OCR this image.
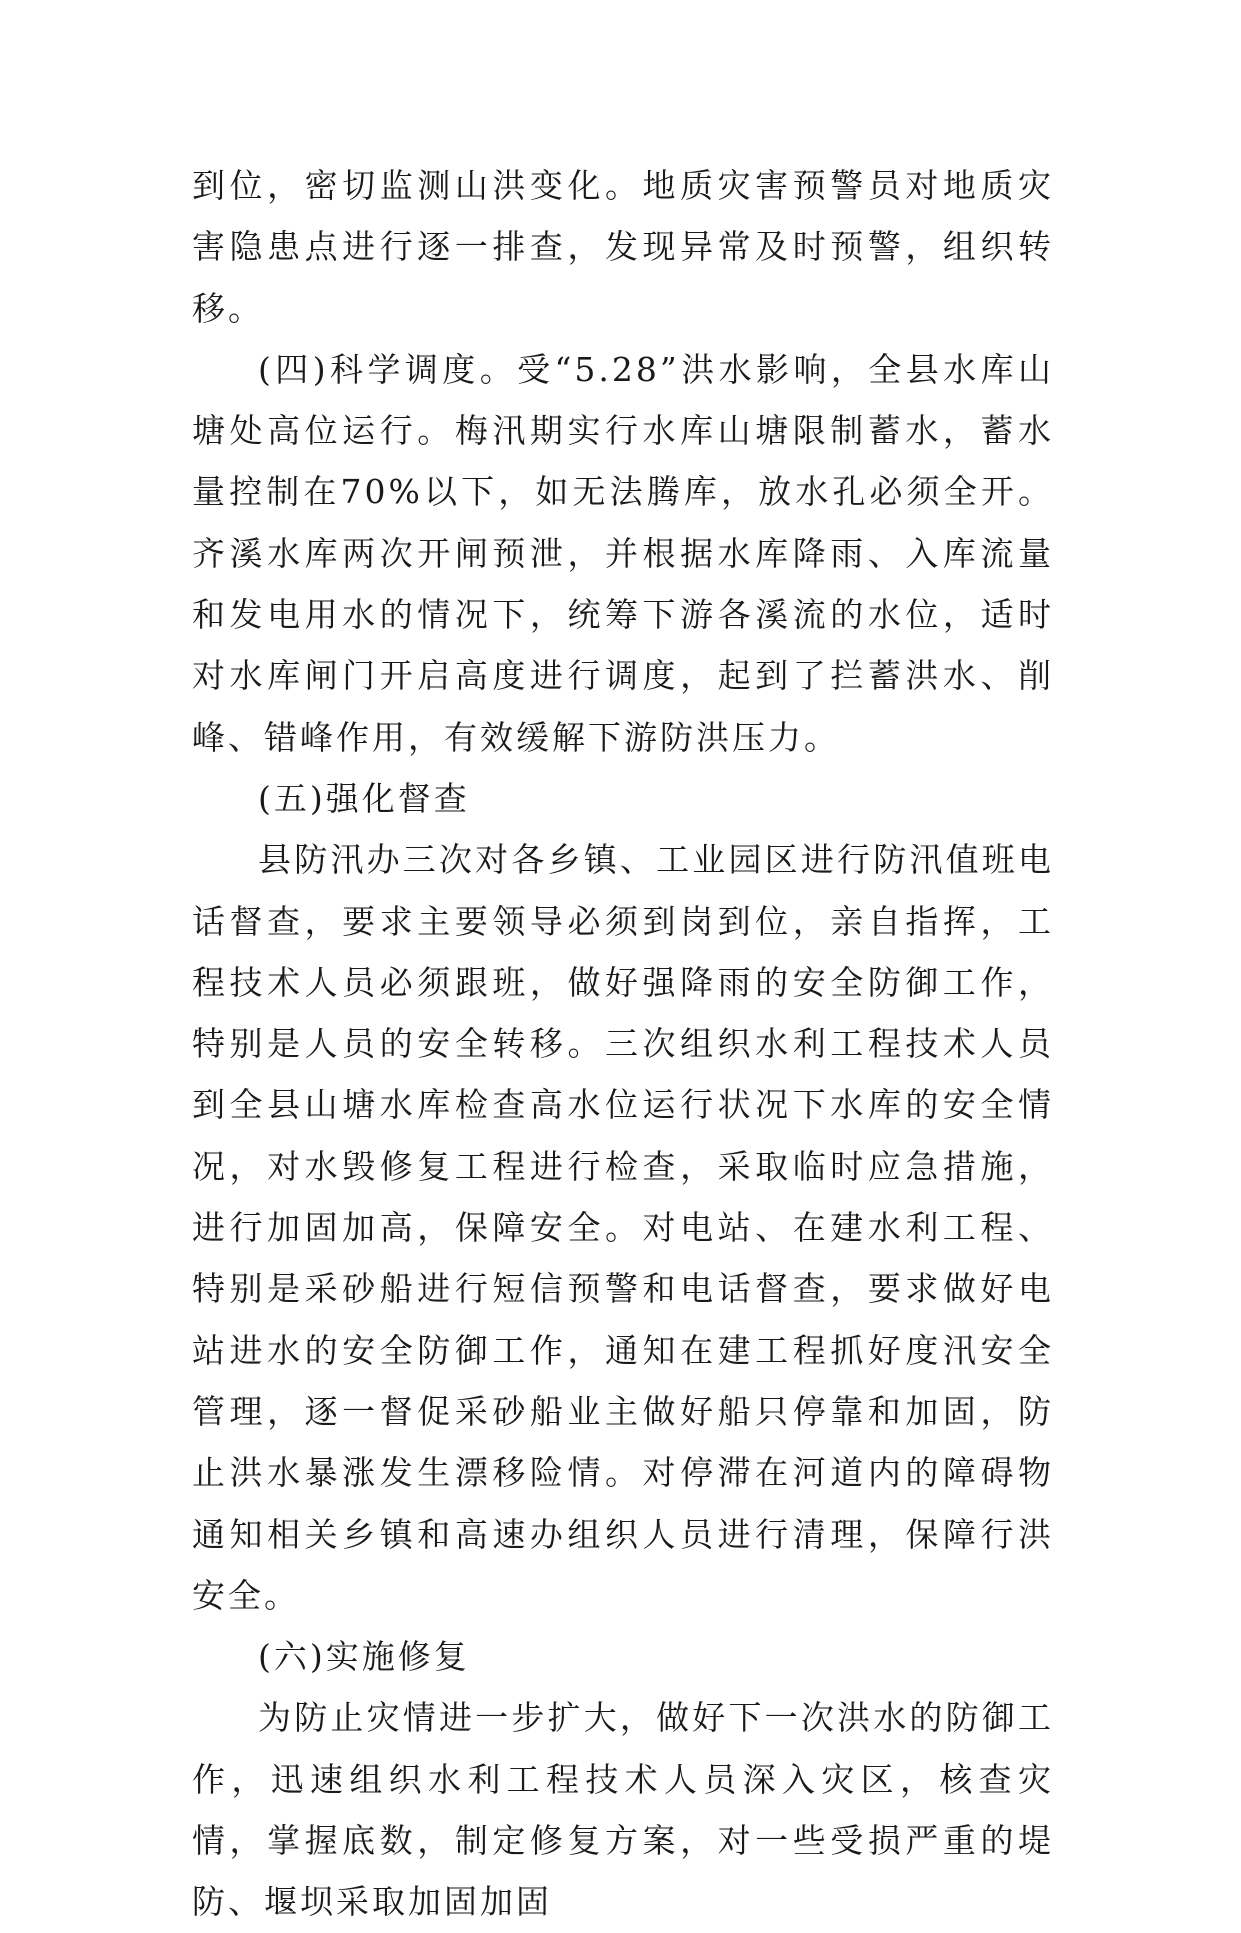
到位，密切监测山洪变化。地质灾害预警员对地质灾害隐患点进行逐一排查，发现异常及时预警，组织转移。

(四)科学调度。受“5.28”洪水影响，全县水库山塘处高位运行。梅汛期实行水库山塘限制蓄水，蓄水量控制在70%以下，如无法腾库，放水孔必须全开。齐溪水库两次开闸预泄，并根据水库降雨、入库流量和发电用水的情况下，统筹下游各溪流的水位，适时对水库闸门开启高度进行调度，起到了拦蓄洪水、削峰、错峰作用，有效缓解下游防洪压力。

(五)强化督查

县防汛办三次对各乡镇、工业园区进行防汛值班电话督查，要求主要领导必须到岗到位，亲自指挥，工程技术人员必须跟班，做好强降雨的安全防御工作，特别是人员的安全转移。三次组织水利工程技术人员到全县山塘水库检查高水位运行状况下水库的安全情况，对水毁修复工程进行检查，采取临时应急措施，进行加固加高，保障安全。对电站、在建水利工程、特别是采砂船进行短信预警和电话督查，要求做好电站进水的安全防御工作，通知在建工程抓好度汛安全管理，逐一督促采砂船业主做好船只停靠和加固，防止洪水暴涨发生漂移险情。对停滞在河道内的障碍物通知相关乡镇和高速办组织人员进行清理，保障行洪安全。

(六)实施修复

为防止灾情进一步扩大，做好下一次洪水的防御工作，迅速组织水利工程技术人员深入灾区，核查灾情，掌握底数，制定修复方案，对一些受损严重的堤防、堰坝采取加固加固
